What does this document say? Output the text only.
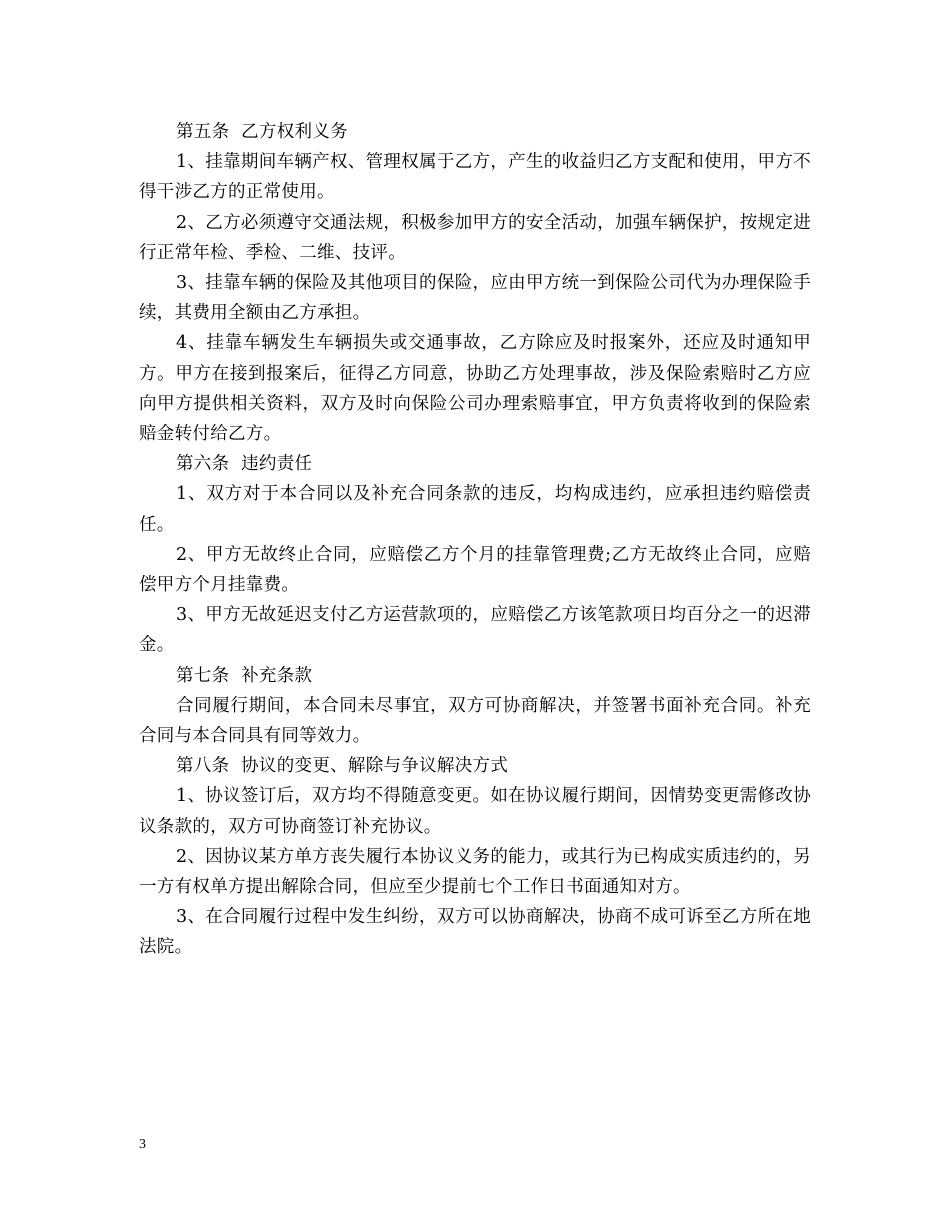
第五条  乙方权利义务

1、挂靠期间车辆产权、管理权属于乙方，产生的收益归乙方支配和使用，甲方不得干涉乙方的正常使用。

2、乙方必须遵守交通法规，积极参加甲方的安全活动，加强车辆保护，按规定进行正常年检、季检、二维、技评。

3、挂靠车辆的保险及其他项目的保险，应由甲方统一到保险公司代为办理保险手续，其费用全额由乙方承担。

4、挂靠车辆发生车辆损失或交通事故，乙方除应及时报案外，还应及时通知甲方。甲方在接到报案后，征得乙方同意，协助乙方处理事故，涉及保险索赔时乙方应向甲方提供相关资料，双方及时向保险公司办理索赔事宜，甲方负责将收到的保险索赔金转付给乙方。

第六条  违约责任

1、双方对于本合同以及补充合同条款的违反，均构成违约，应承担违约赔偿责任。

2、甲方无故终止合同，应赔偿乙方个月的挂靠管理费;乙方无故终止合同，应赔偿甲方个月挂靠费。

3、甲方无故延迟支付乙方运营款项的，应赔偿乙方该笔款项日均百分之一的迟滞金。

第七条  补充条款

合同履行期间，本合同未尽事宜，双方可协商解决，并签署书面补充合同。补充合同与本合同具有同等效力。

第八条  协议的变更、解除与争议解决方式

1、协议签订后，双方均不得随意变更。如在协议履行期间，因情势变更需修改协议条款的，双方可协商签订补充协议。

2、因协议某方单方丧失履行本协议义务的能力，或其行为已构成实质违约的，另一方有权单方提出解除合同，但应至少提前七个工作日书面通知对方。

3、在合同履行过程中发生纠纷，双方可以协商解决，协商不成可诉至乙方所在地法院。

3
